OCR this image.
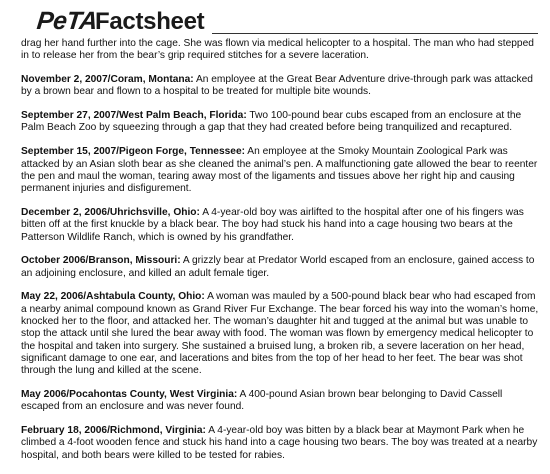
PeTA
Factsheet

drag her hand further into the cage. She was flown via medical helicopter to a hospital. The man who had stepped in to release her from the bear’s grip required stitches for a severe laceration.

November 2, 2007/Coram, Montana: An employee at the Great Bear Adventure drive-through park was attacked by a brown bear and flown to a hospital to be treated for multiple bite wounds.

September 27, 2007/West Palm Beach, Florida: Two 100-pound bear cubs escaped from an enclosure at the Palm Beach Zoo by squeezing through a gap that they had created before being tranquilized and recaptured.

September 15, 2007/Pigeon Forge, Tennessee: An employee at the Smoky Mountain Zoological Park was attacked by an Asian sloth bear as she cleaned the animal’s pen. A malfunctioning gate allowed the bear to reenter the pen and maul the woman, tearing away most of the ligaments and tissues above her right hip and causing permanent injuries and disfigurement.

December 2, 2006/Uhrichsville, Ohio: A 4-year-old boy was airlifted to the hospital after one of his fingers was bitten off at the first knuckle by a black bear. The boy had stuck his hand into a cage housing two bears at the Patterson Wildlife Ranch, which is owned by his grandfather.

October 2006/Branson, Missouri: A grizzly bear at Predator World escaped from an enclosure, gained access to an adjoining enclosure, and killed an adult female tiger.

May 22, 2006/Ashtabula County, Ohio: A woman was mauled by a 500-pound black bear who had escaped from a nearby animal compound known as Grand River Fur Exchange. The bear forced his way into the woman’s home, knocked her to the floor, and attacked her. The woman’s daughter hit and tugged at the animal but was unable to stop the attack until she lured the bear away with food. The woman was flown by emergency medical helicopter to the hospital and taken into surgery. She sustained a bruised lung, a broken rib, a severe laceration on her head, significant damage to one ear, and lacerations and bites from the top of her head to her feet. The bear was shot through the lung and killed at the scene.

May 2006/Pocahontas County, West Virginia: A 400-pound Asian brown bear belonging to David Cassell escaped from an enclosure and was never found.

February 18, 2006/Richmond, Virginia: A 4-year-old boy was bitten by a black bear at Maymont Park when he climbed a 4-foot wooden fence and stuck his hand into a cage housing two bears. The boy was treated at a nearby hospital, and both bears were killed to be tested for rabies.
